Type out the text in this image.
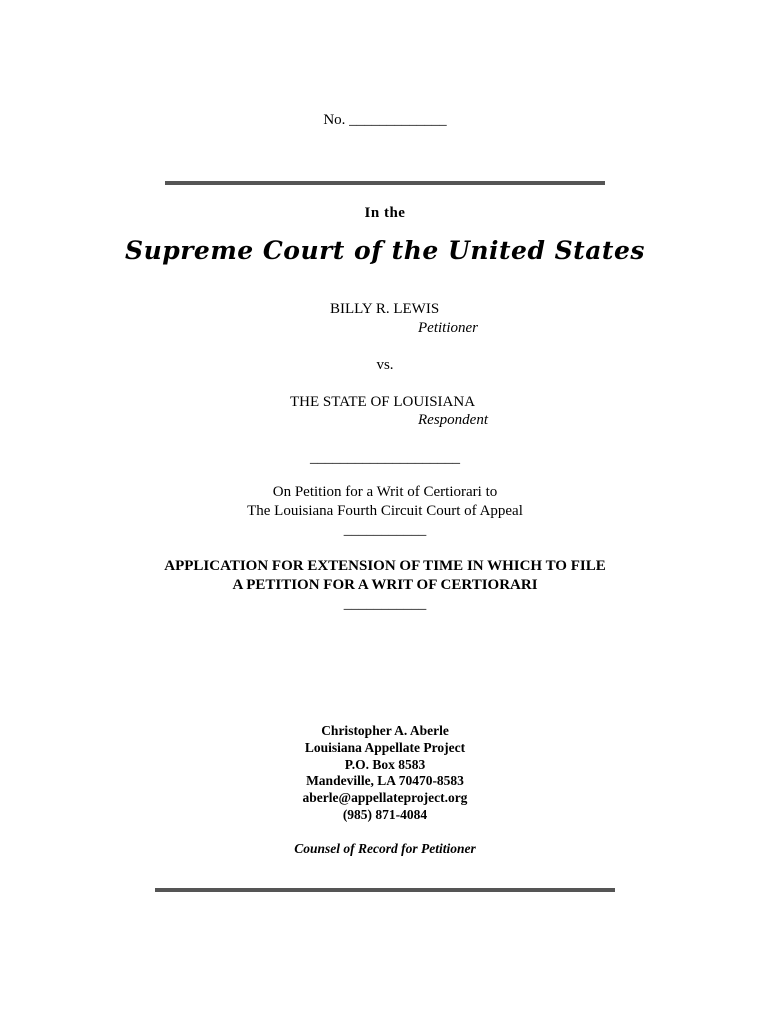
No. _____________
In the
Supreme Court of the United States
BILLY R. LEWIS
Petitioner
vs.
THE STATE OF LOUISIANA
Respondent
____________________
On Petition for a Writ of Certiorari to
The Louisiana Fourth Circuit Court of Appeal
___________
APPLICATION FOR EXTENSION OF TIME IN WHICH TO FILE
A PETITION FOR A WRIT OF CERTIORARI
___________
Christopher A. Aberle
Louisiana Appellate Project
P.O. Box 8583
Mandeville, LA 70470-8583
aberle@appellateproject.org
(985) 871-4084
Counsel of Record for Petitioner
